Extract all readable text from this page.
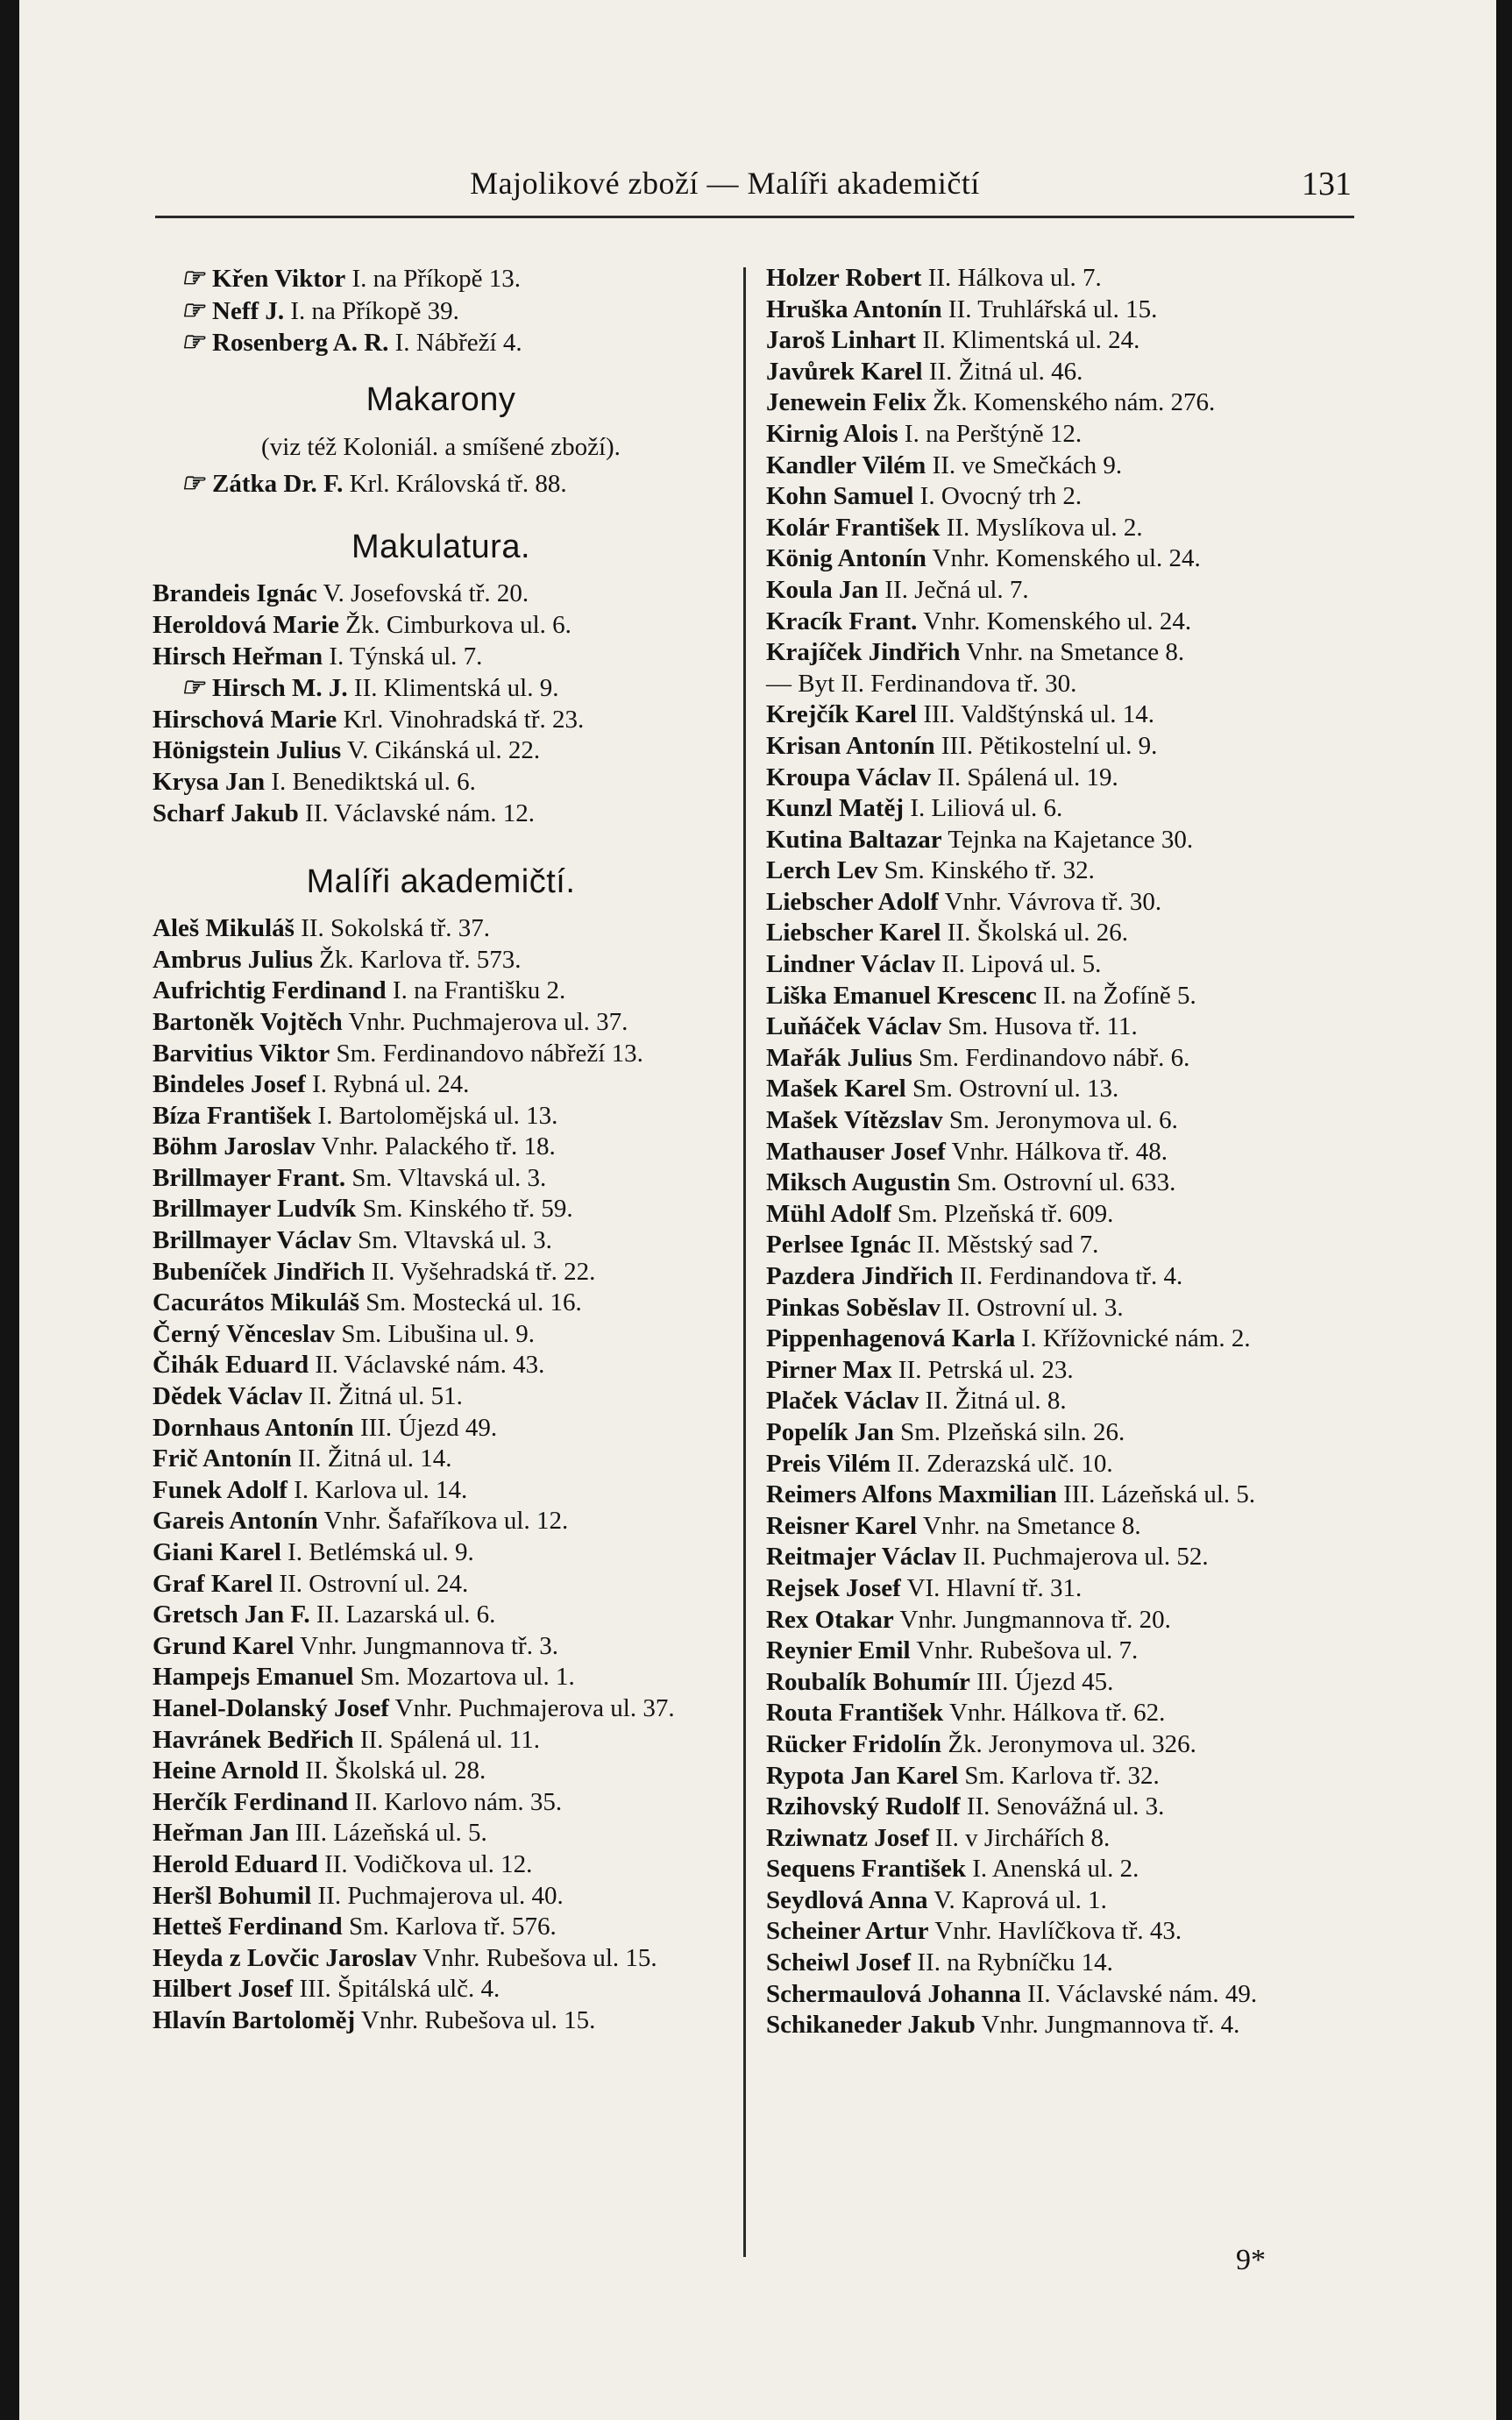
Majolikové zboží — Malíři akademičtí	131

☞ Křen Viktor I. na Příkopě 13.

☞ Neff J. I. na Příkopě 39.

☞ Rosenberg A. R. I. Nábřeží 4.

Makarony
(viz též Koloniál. a smíšené zboží).

☞ Zátka Dr. F. Krl. Královská tř. 88.

Makulatura.

Brandeis Ignác V. Josefovská tř. 20.

Heroldová Marie Žk. Cimburkova ul. 6.

Hirsch Heřman I. Týnská ul. 7.

☞ Hirsch M. J. II. Klimentská ul. 9.

Hirschová Marie Krl. Vinohradská tř. 23.

Hönigstein Julius V. Cikánská ul. 22.

Krysa Jan I. Benediktská ul. 6.

Scharf Jakub II. Václavské nám. 12.

Malíři akademičtí.

Aleš Mikuláš II. Sokolská tř. 37.

Ambrus Julius Žk. Karlova tř. 573.

Aufrichtig Ferdinand I. na Františku 2.

Bartoněk Vojtěch Vnhr. Puchmajerova ul. 37.

Barvitius Viktor Sm. Ferdinandovo nábřeží 13.

Bindeles Josef I. Rybná ul. 24.

Bíza František I. Bartolomějská ul. 13.

Böhm Jaroslav Vnhr. Palackého tř. 18.

Brillmayer Frant. Sm. Vltavská ul. 3.

Brillmayer Ludvík Sm. Kinského tř. 59.

Brillmayer Václav Sm. Vltavská ul. 3.

Bubeníček Jindřich II. Vyšehradská tř. 22.

Cacurátos Mikuláš Sm. Mostecká ul. 16.

Černý Věnceslav Sm. Libušina ul. 9.

Čihák Eduard II. Václavské nám. 43.

Dědek Václav II. Žitná ul. 51.

Dornhaus Antonín III. Újezd 49.

Frič Antonín II. Žitná ul. 14.

Funek Adolf I. Karlova ul. 14.

Gareis Antonín Vnhr. Šafaříkova ul. 12.

Giani Karel I. Betlémská ul. 9.

Graf Karel II. Ostrovní ul. 24.

Gretsch Jan F. II. Lazarská ul. 6.

Grund Karel Vnhr. Jungmannova tř. 3.

Hampejs Emanuel Sm. Mozartova ul. 1.

Hanel-Dolanský Josef Vnhr. Puchmajerova ul. 37.

Havránek Bedřich II. Spálená ul. 11.

Heine Arnold II. Školská ul. 28.

Herčík Ferdinand II. Karlovo nám. 35.

Heřman Jan III. Lázeňská ul. 5.

Herold Eduard II. Vodičkova ul. 12.

Heršl Bohumil II. Puchmajerova ul. 40.

Hetteš Ferdinand Sm. Karlova tř. 576.

Heyda z Lovčic Jaroslav Vnhr. Rubešova ul. 15.

Hilbert Josef III. Špitálská ulč. 4.

Hlavín Bartoloměj Vnhr. Rubešova ul. 15.

Holzer Robert II. Hálkova ul. 7.

Hruška Antonín II. Truhlářská ul. 15.

Jaroš Linhart II. Klimentská ul. 24.

Javůrek Karel II. Žitná ul. 46.

Jenewein Felix Žk. Komenského nám. 276.

Kirnig Alois I. na Perštýně 12.

Kandler Vilém II. ve Smečkách 9.

Kohn Samuel I. Ovocný trh 2.

Kolár František II. Myslíkova ul. 2.

König Antonín Vnhr. Komenského ul. 24.

Koula Jan II. Ječná ul. 7.

Kracík Frant. Vnhr. Komenského ul. 24.

Krajíček Jindřich Vnhr. na Smetance 8.

— Byt II. Ferdinandova tř. 30.

Krejčík Karel III. Valdštýnská ul. 14.

Krisan Antonín III. Pětikostelní ul. 9.

Kroupa Václav II. Spálená ul. 19.

Kunzl Matěj I. Liliová ul. 6.

Kutina Baltazar Tejnka na Kajetance 30.

Lerch Lev Sm. Kinského tř. 32.

Liebscher Adolf Vnhr. Vávrova tř. 30.

Liebscher Karel II. Školská ul. 26.

Lindner Václav II. Lipová ul. 5.

Liška Emanuel Krescenc II. na Žofíně 5.

Luňáček Václav Sm. Husova tř. 11.

Mařák Julius Sm. Ferdinandovo nábř. 6.

Mašek Karel Sm. Ostrovní ul. 13.

Mašek Vítězslav Sm. Jeronymova ul. 6.

Mathauser Josef Vnhr. Hálkova tř. 48.

Miksch Augustin Sm. Ostrovní ul. 633.

Mühl Adolf Sm. Plzeňská tř. 609.

Perlsee Ignác II. Městský sad 7.

Pazdera Jindřich II. Ferdinandova tř. 4.

Pinkas Soběslav II. Ostrovní ul. 3.

Pippenhagenová Karla I. Křížovnické nám. 2.

Pirner Max II. Petrská ul. 23.

Plaček Václav II. Žitná ul. 8.

Popelík Jan Sm. Plzeňská siln. 26.

Preis Vilém II. Zderazská ulč. 10.

Reimers Alfons Maxmilian III. Lázeňská ul. 5.

Reisner Karel Vnhr. na Smetance 8.

Reitmajer Václav II. Puchmajerova ul. 52.

Rejsek Josef VI. Hlavní tř. 31.

Rex Otakar Vnhr. Jungmannova tř. 20.

Reynier Emil Vnhr. Rubešova ul. 7.

Roubalík Bohumír III. Újezd 45.

Routa František Vnhr. Hálkova tř. 62.

Rücker Fridolín Žk. Jeronymova ul. 326.

Rypota Jan Karel Sm. Karlova tř. 32.

Rzihovský Rudolf II. Senovážná ul. 3.

Rziwnatz Josef II. v Jirchářích 8.

Sequens František I. Anenská ul. 2.

Seydlová Anna V. Kaprová ul. 1.

Scheiner Artur Vnhr. Havlíčkova tř. 43.

Scheiwl Josef II. na Rybníčku 14.

Schermaulová Johanna II. Václavské nám. 49.

Schikaneder Jakub Vnhr. Jungmannova tř. 4.

9*
